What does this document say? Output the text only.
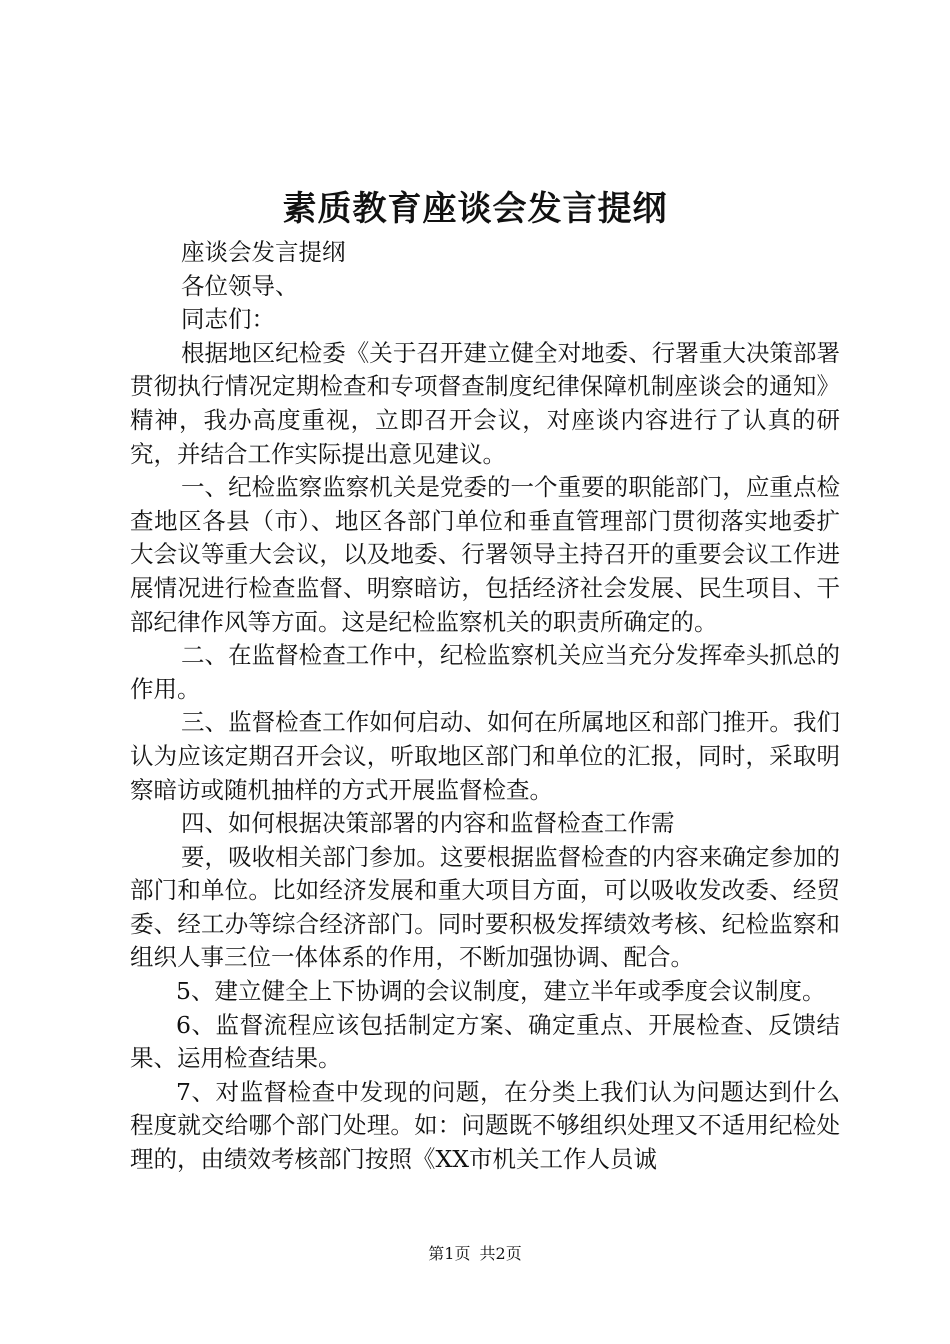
素质教育座谈会发言提纲

座谈会发言提纲

各位领导、

同志们：

根据地区纪检委《关于召开建立健全对地委、行署重大决策部署贯彻执行情况定期检查和专项督查制度纪律保障机制座谈会的通知》精神，我办高度重视，立即召开会议，对座谈内容进行了认真的研究，并结合工作实际提出意见建议。

一、纪检监察监察机关是党委的一个重要的职能部门，应重点检查地区各县（市）、地区各部门单位和垂直管理部门贯彻落实地委扩大会议等重大会议，以及地委、行署领导主持召开的重要会议工作进展情况进行检查监督、明察暗访，包括经济社会发展、民生项目、干部纪律作风等方面。这是纪检监察机关的职责所确定的。

二、在监督检查工作中，纪检监察机关应当充分发挥牵头抓总的作用。

三、监督检查工作如何启动、如何在所属地区和部门推开。我们认为应该定期召开会议，听取地区部门和单位的汇报，同时，采取明察暗访或随机抽样的方式开展监督检查。

四、如何根据决策部署的内容和监督检查工作需

要，吸收相关部门参加。这要根据监督检查的内容来确定参加的部门和单位。比如经济发展和重大项目方面，可以吸收发改委、经贸委、经工办等综合经济部门。同时要积极发挥绩效考核、纪检监察和组织人事三位一体体系的作用，不断加强协调、配合。

5、建立健全上下协调的会议制度，建立半年或季度会议制度。

6、监督流程应该包括制定方案、确定重点、开展检查、反馈结果、运用检查结果。

7、对监督检查中发现的问题，在分类上我们认为问题达到什么程度就交给哪个部门处理。如：问题既不够组织处理又不适用纪检处理的，由绩效考核部门按照《XX市机关工作人员诚

第1页 共2页
